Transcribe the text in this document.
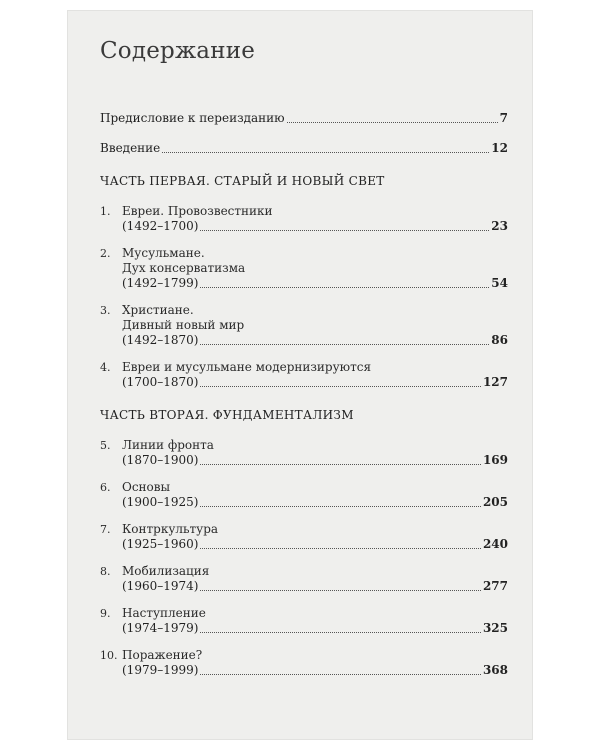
Содержание
Предисловие к переизданию	7
Введение	12
ЧАСТЬ ПЕРВАЯ. СТАРЫЙ И НОВЫЙ СВЕТ
1. Евреи. Провозвестники
(1492–1700)	23
2. Мусульмане.
Дух консерватизма
(1492–1799)	54
3. Христиане.
Дивный новый мир
(1492–1870)	86
4. Евреи и мусульмане модернизируются
(1700–1870)	127
ЧАСТЬ ВТОРАЯ. ФУНДАМЕНТАЛИЗМ
5. Линии фронта
(1870–1900)	169
6. Основы
(1900–1925)	205
7. Контркультура
(1925–1960)	240
8. Мобилизация
(1960–1974)	277
9. Наступление
(1974–1979)	325
10. Поражение?
(1979–1999)	368
